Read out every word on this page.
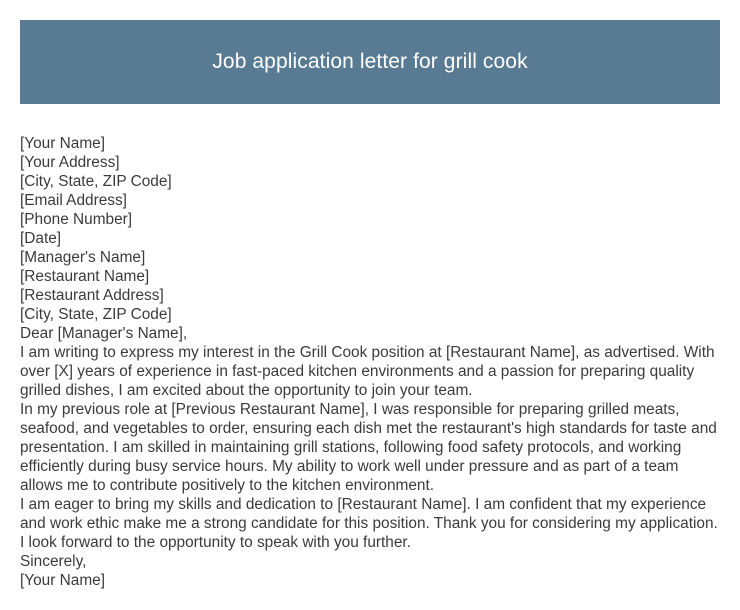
Job application letter for grill cook
[Your Name]
[Your Address]
[City, State, ZIP Code]
[Email Address]
[Phone Number]
[Date]
[Manager's Name]
[Restaurant Name]
[Restaurant Address]
[City, State, ZIP Code]
Dear [Manager's Name],
I am writing to express my interest in the Grill Cook position at [Restaurant Name], as advertised. With over [X] years of experience in fast-paced kitchen environments and a passion for preparing quality grilled dishes, I am excited about the opportunity to join your team.
In my previous role at [Previous Restaurant Name], I was responsible for preparing grilled meats, seafood, and vegetables to order, ensuring each dish met the restaurant's high standards for taste and presentation. I am skilled in maintaining grill stations, following food safety protocols, and working efficiently during busy service hours. My ability to work well under pressure and as part of a team allows me to contribute positively to the kitchen environment.
I am eager to bring my skills and dedication to [Restaurant Name]. I am confident that my experience and work ethic make me a strong candidate for this position. Thank you for considering my application. I look forward to the opportunity to speak with you further.
Sincerely,
[Your Name]
